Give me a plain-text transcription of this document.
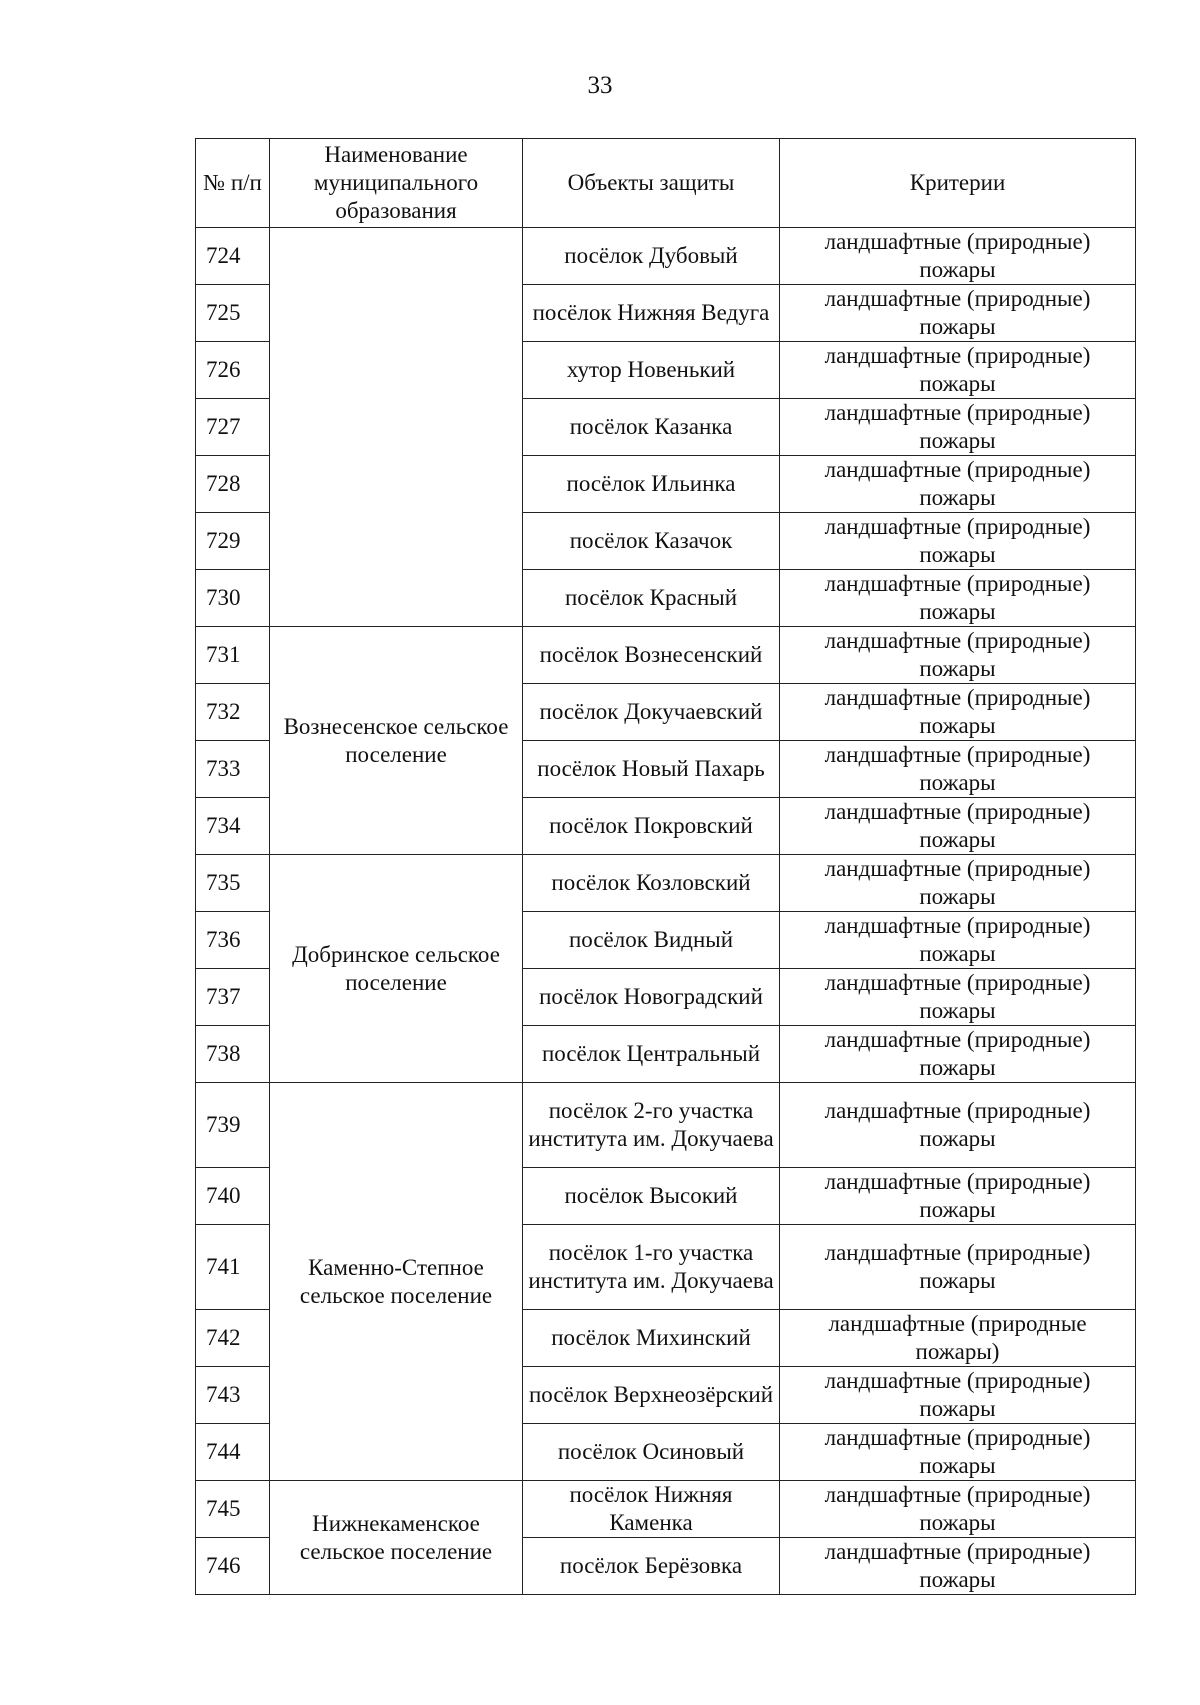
33
№ п/п	Наименование муниципального образования	Объекты защиты	Критерии
724		посёлок Дубовый	ландшафтные (природные) пожары
725		посёлок Нижняя Ведуга	ландшафтные (природные) пожары
726		хутор Новенький	ландшафтные (природные) пожары
727		посёлок Казанка	ландшафтные (природные) пожары
728		посёлок Ильинка	ландшафтные (природные) пожары
729		посёлок Казачок	ландшафтные (природные) пожары
730		посёлок Красный	ландшафтные (природные) пожары
731	Вознесенское сельское поселение	посёлок Вознесенский	ландшафтные (природные) пожары
732		посёлок Докучаевский	ландшафтные (природные) пожары
733		посёлок Новый Пахарь	ландшафтные (природные) пожары
734		посёлок Покровский	ландшафтные (природные) пожары
735	Добринское сельское поселение	посёлок Козловский	ландшафтные (природные) пожары
736		посёлок Видный	ландшафтные (природные) пожары
737		посёлок Новоградский	ландшафтные (природные) пожары
738		посёлок Центральный	ландшафтные (природные) пожары
739	Каменно-Степное сельское поселение	посёлок 2-го участка института им. Докучаева	ландшафтные (природные) пожары
740		посёлок Высокий	ландшафтные (природные) пожары
741		посёлок 1-го участка института им. Докучаева	ландшафтные (природные) пожары
742		посёлок Михинский	ландшафтные (природные пожары)
743		посёлок Верхнеозёрский	ландшафтные (природные) пожары
744		посёлок Осиновый	ландшафтные (природные) пожары
745	Нижнекаменское сельское поселение	посёлок Нижняя Каменка	ландшафтные (природные) пожары
746		посёлок Берёзовка	ландшафтные (природные) пожары
